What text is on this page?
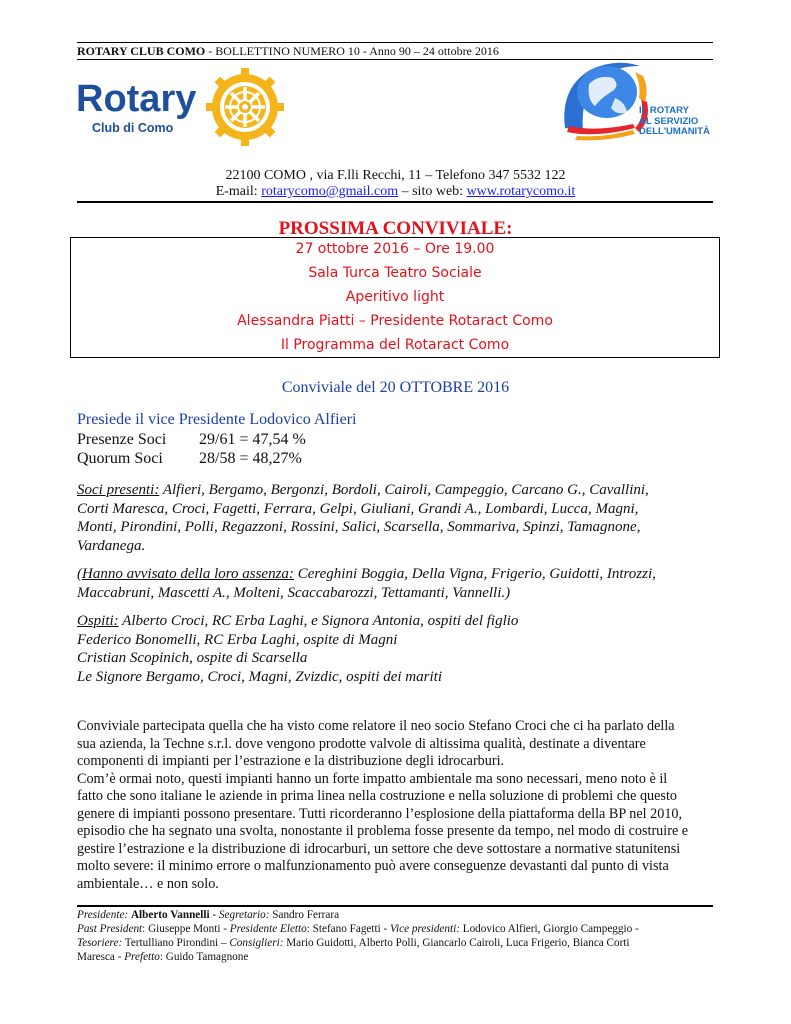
ROTARY CLUB COMO - BOLLETTINO NUMERO 10 - Anno 90 – 24 ottobre 2016
Rotary
Club di Como
IL ROTARY
AL SERVIZIO
DELL'UMANITÀ
22100 COMO , via F.lli Recchi, 11 – Telefono 347 5532 122
E-mail: rotarycomo@gmail.com – sito web: www.rotarycomo.it
PROSSIMA CONVIVIALE:
27 ottobre 2016 – Ore 19.00
Sala Turca Teatro Sociale
Aperitivo light
Alessandra Piatti – Presidente Rotaract Como
Il Programma del Rotaract Como
Conviviale del 20 OTTOBRE 2016
Presiede il vice Presidente Lodovico Alfieri
Presenze Soci 29/61 = 47,54 %
Quorum Soci 28/58 = 48,27%
Soci presenti: Alfieri, Bergamo, Bergonzi, Bordoli, Cairoli, Campeggio, Carcano G., Cavallini,
Corti Maresca, Croci, Fagetti, Ferrara, Gelpi, Giuliani, Grandi A., Lombardi, Lucca, Magni,
Monti, Pirondini, Polli, Regazzoni, Rossini, Salici, Scarsella, Sommariva, Spinzi, Tamagnone,
Vardanega.
(Hanno avvisato della loro assenza: Cereghini Boggia, Della Vigna, Frigerio, Guidotti, Introzzi,
Maccabruni, Mascetti A., Molteni, Scaccabarozzi, Tettamanti, Vannelli.)
Ospiti: Alberto Croci, RC Erba Laghi, e Signora Antonia, ospiti del figlio
Federico Bonomelli, RC Erba Laghi, ospite di Magni
Cristian Scopinich, ospite di Scarsella
Le Signore Bergamo, Croci, Magni, Zvizdic, ospiti dei mariti
Conviviale partecipata quella che ha visto come relatore il neo socio Stefano Croci che ci ha parlato della
sua azienda, la Techne s.r.l. dove vengono prodotte valvole di altissima qualità, destinate a diventare
componenti di impianti per l’estrazione e la distribuzione degli idrocarburi.
Com’è ormai noto, questi impianti hanno un forte impatto ambientale ma sono necessari, meno noto è il
fatto che sono italiane le aziende in prima linea nella costruzione e nella soluzione di problemi che questo
genere di impianti possono presentare. Tutti ricorderanno l’esplosione della piattaforma della BP nel 2010,
episodio che ha segnato una svolta, nonostante il problema fosse presente da tempo, nel modo di costruire e
gestire l’estrazione e la distribuzione di idrocarburi, un settore che deve sottostare a normative statunitensi
molto severe: il minimo errore o malfunzionamento può avere conseguenze devastanti dal punto di vista
ambientale… e non solo.
Presidente: Alberto Vannelli - Segretario: Sandro Ferrara
Past President: Giuseppe Monti - Presidente Eletto: Stefano Fagetti - Vice presidenti: Lodovico Alfieri, Giorgio Campeggio -
Tesoriere: Tertulliano Pirondini – Consiglieri: Mario Guidotti, Alberto Polli, Giancarlo Cairoli, Luca Frigerio, Bianca Corti
Maresca - Prefetto: Guido Tamagnone
